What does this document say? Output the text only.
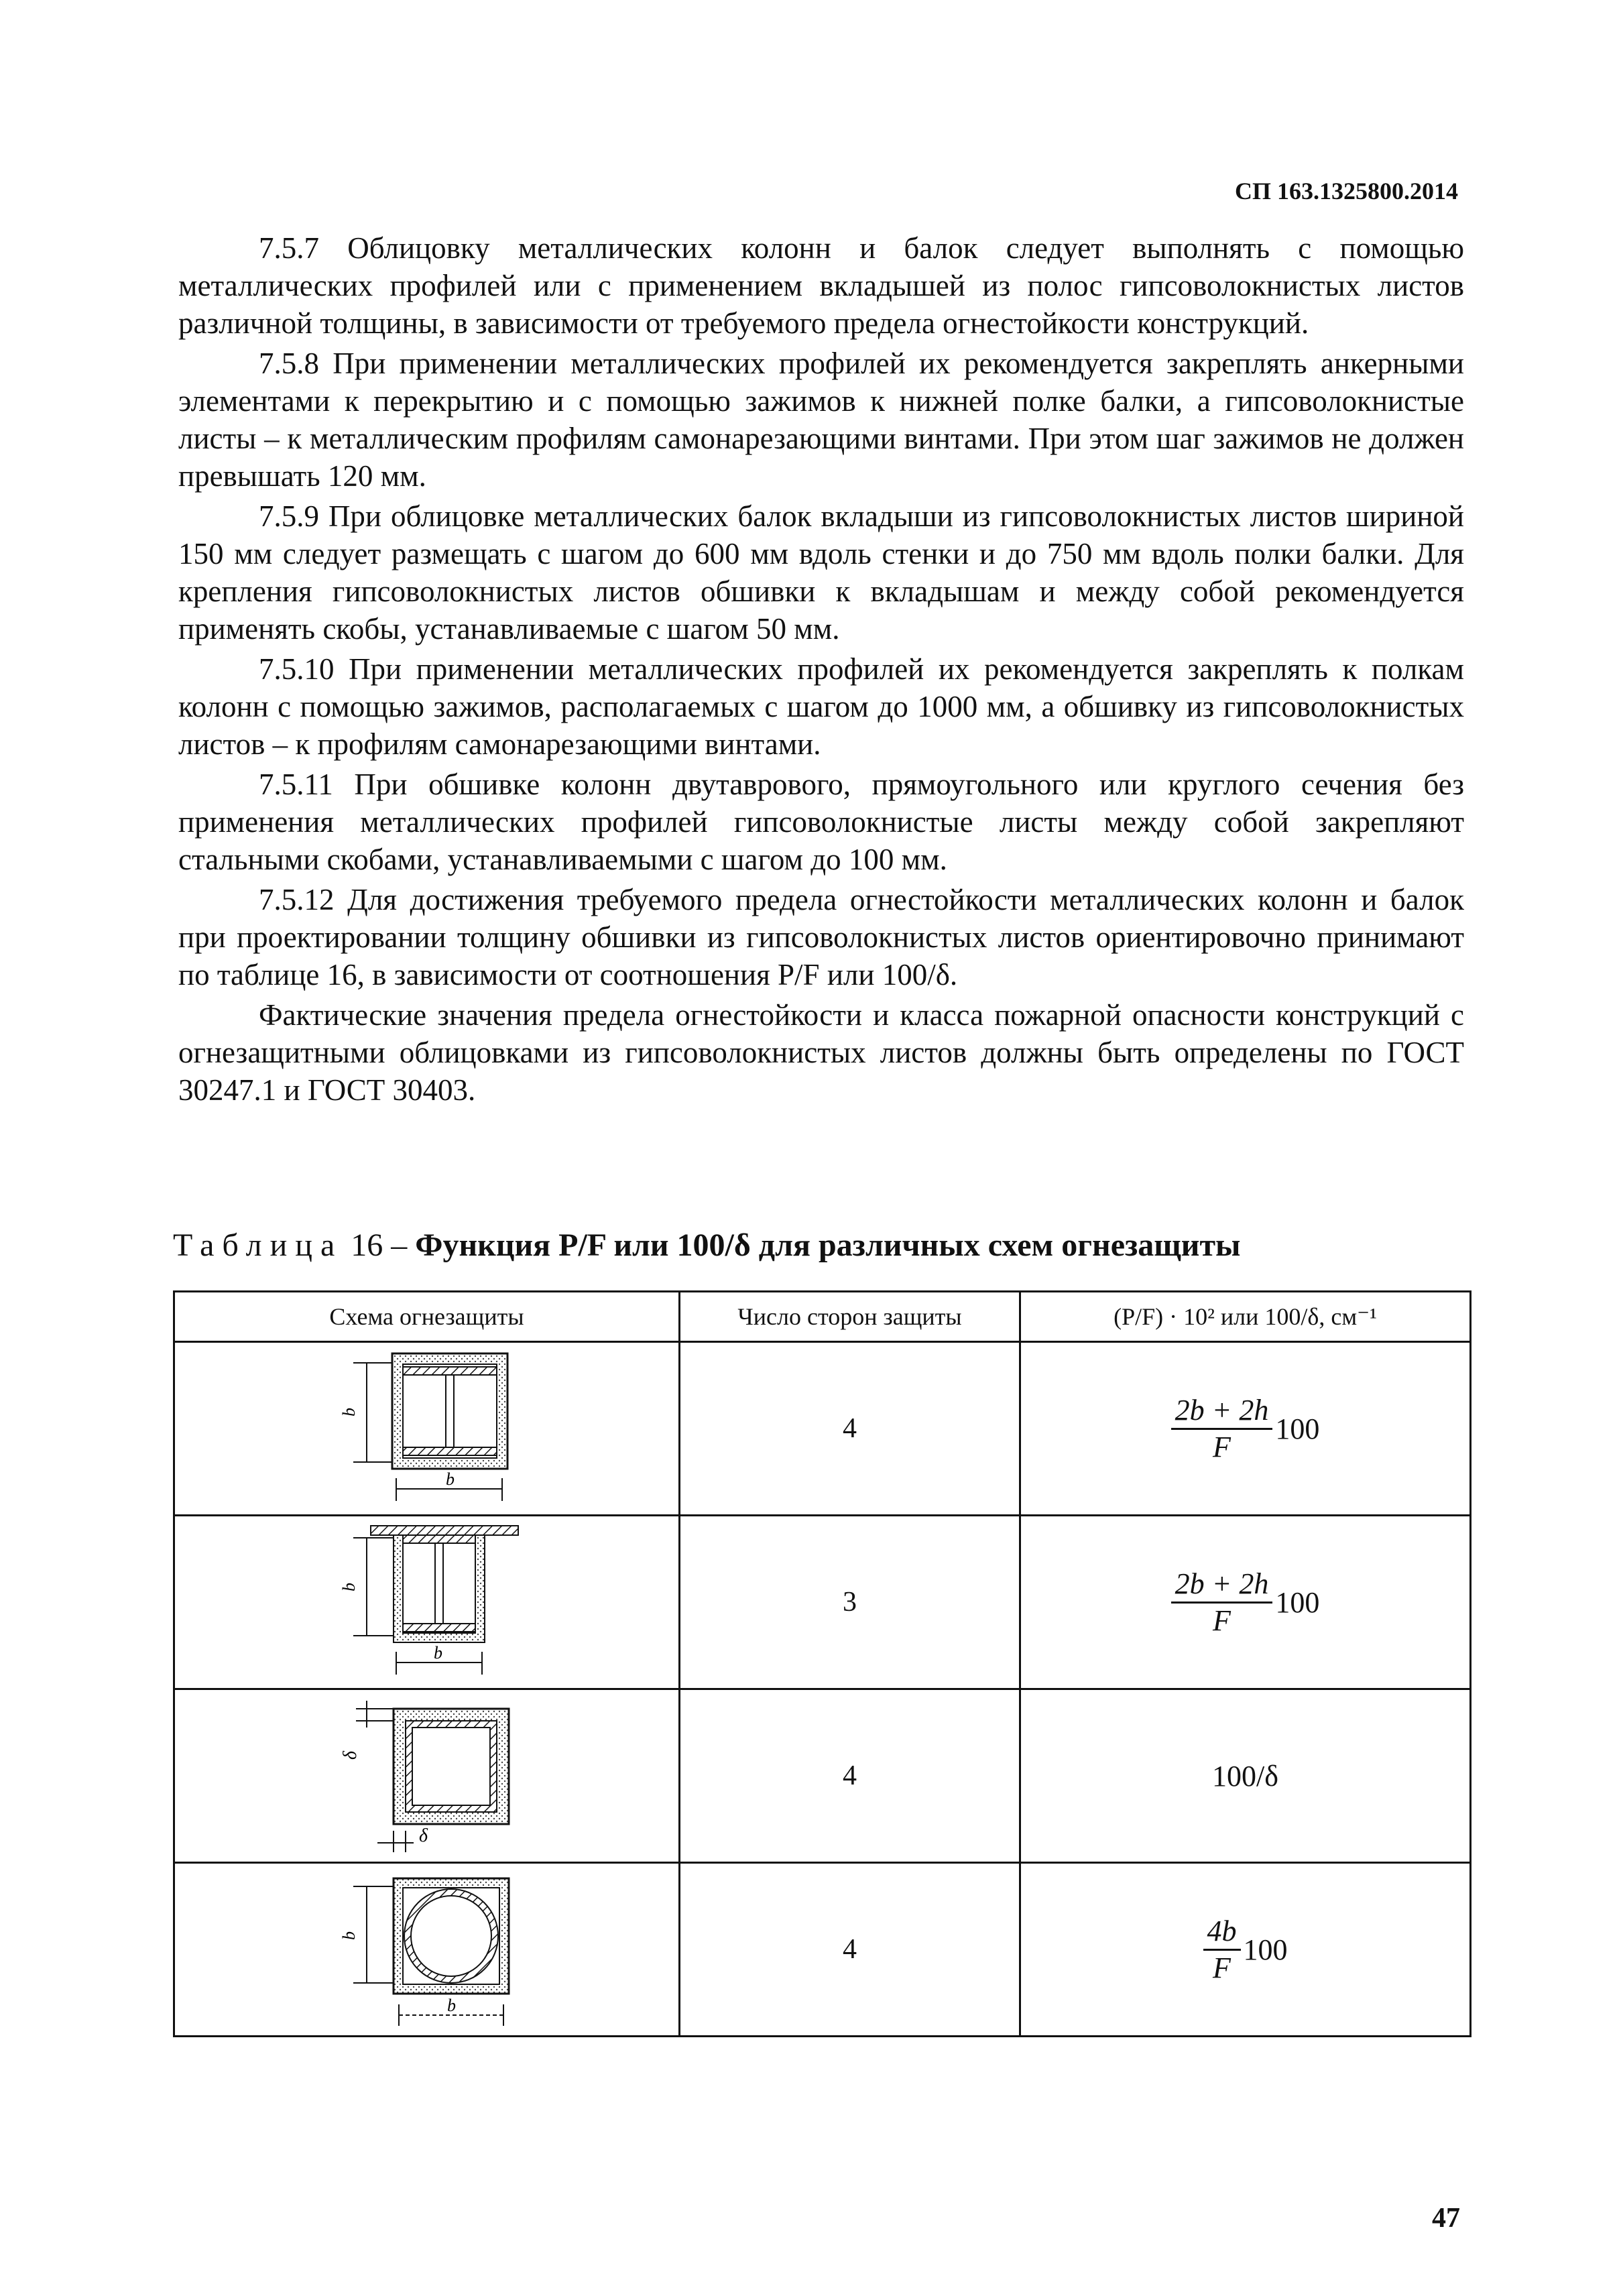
СП 163.1325800.2014

7.5.7 Облицовку металлических колонн и балок следует выполнять с помощью металлических профилей или с применением вкладышей из полос гипсоволокнистых листов различной толщины, в зависимости от требуемого предела огнестойкости конструкций.

7.5.8 При применении металлических профилей их рекомендуется закреплять анкерными элементами к перекрытию и с помощью зажимов к нижней полке балки, а гипсоволокнистые листы – к металлическим профилям самонарезающими винтами. При этом шаг зажимов не должен превышать 120 мм.

7.5.9 При облицовке металлических балок вкладыши из гипсоволокнистых листов шириной 150 мм следует размещать с шагом до 600 мм вдоль стенки и до 750 мм вдоль полки балки. Для крепления гипсоволокнистых листов обшивки к вкладышам и между собой рекомендуется применять скобы, устанавливаемые с шагом 50 мм.

7.5.10 При применении металлических профилей их рекомендуется закреплять к полкам колонн с помощью зажимов, располагаемых с шагом до 1000 мм, а обшивку из гипсоволокнистых листов – к профилям самонарезающими винтами.

7.5.11 При обшивке колонн двутаврового, прямоугольного или круглого сечения без применения металлических профилей гипсоволокнистые листы между собой закрепляют стальными скобами, устанавливаемыми с шагом до 100 мм.

7.5.12 Для достижения требуемого предела огнестойкости металлических колонн и балок при проектировании толщину обшивки из гипсоволокнистых листов ориентировочно принимают по таблице 16, в зависимости от соотношения P/F или 100/δ.

Фактические значения предела огнестойкости и класса пожарной опасности конструкций с огнезащитными облицовками из гипсоволокнистых листов должны быть определены по ГОСТ 30247.1 и ГОСТ 30403.

Таблица 16 – Функция P/F или 100/δ для различных схем огнезащиты
Схема огнезащиты	Число сторон защиты	(P/F) · 10² или 100/δ, см⁻¹

b
b	4	$\frac{2b + 2h}{F} 100$

b
b	3	$\frac{2b + 2h}{F} 100$

δ
δ	4	100/δ

b
b	4	$\frac{4b}{F} 100$
47
